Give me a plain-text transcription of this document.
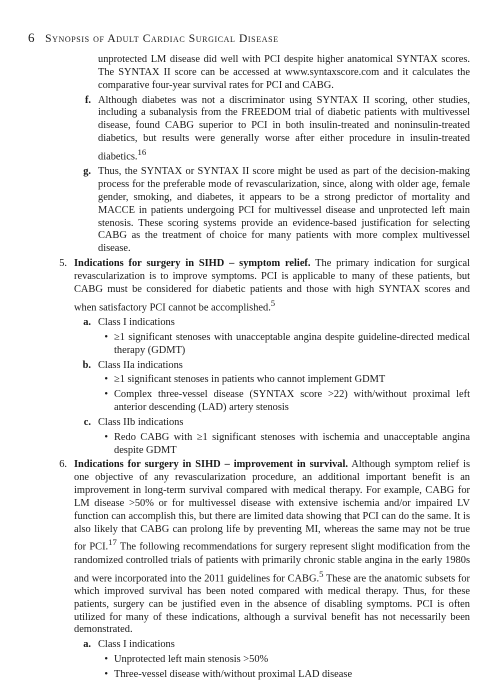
6 Synopsis of Adult Cardiac Surgical Disease
unprotected LM disease did well with PCI despite higher anatomical SYNTAX scores. The SYNTAX II score can be accessed at www.syntaxscore.com and it calculates the comparative four-year survival rates for PCI and CABG.
f. Although diabetes was not a discriminator using SYNTAX II scoring, other studies, including a subanalysis from the FREEDOM trial of diabetic patients with multivessel disease, found CABG superior to PCI in both insulin-treated and noninsulin-treated diabetics, but results were generally worse after either procedure in insulin-treated diabetics.$^{16}$
g. Thus, the SYNTAX or SYNTAX II score might be used as part of the decision-making process for the preferable mode of revascularization, since, along with older age, female gender, smoking, and diabetes, it appears to be a strong predictor of mortality and MACCE in patients undergoing PCI for multivessel disease and unprotected left main stenosis. These scoring systems provide an evidence-based justification for selecting CABG as the treatment of choice for many patients with more complex multivessel disease.
5. Indications for surgery in SIHD – symptom relief. The primary indication for surgical revascularization is to improve symptoms. PCI is applicable to many of these patients, but CABG must be considered for diabetic patients and those with high SYNTAX scores and when satisfactory PCI cannot be accomplished.$^5$
a. Class I indications
• ≥1 significant stenoses with unacceptable angina despite guideline-directed medical therapy (GDMT)
b. Class IIa indications
• ≥1 significant stenoses in patients who cannot implement GDMT
• Complex three-vessel disease (SYNTAX score >22) with/without proximal left anterior descending (LAD) artery stenosis
c. Class IIb indications
• Redo CABG with ≥1 significant stenoses with ischemia and unacceptable angina despite GDMT
6. Indications for surgery in SIHD – improvement in survival. Although symptom relief is one objective of any revascularization procedure, an additional important benefit is an improvement in long-term survival compared with medical therapy. For example, CABG for LM disease >50% or for multivessel disease with extensive ischemia and/or impaired LV function can accomplish this, but there are limited data showing that PCI can do the same. It is also likely that CABG can prolong life by preventing MI, whereas the same may not be true for PCI.$^{17}$ The following recommendations for surgery represent slight modification from the randomized controlled trials of patients with primarily chronic stable angina in the early 1980s and were incorporated into the 2011 guidelines for CABG.$^5$ These are the anatomic subsets for which improved survival has been noted compared with medical therapy. Thus, for these patients, surgery can be justified even in the absence of disabling symptoms. PCI is often utilized for many of these indications, although a survival benefit has not necessarily been demonstrated.
a. Class I indications
• Unprotected left main stenosis >50%
• Three-vessel disease with/without proximal LAD disease
